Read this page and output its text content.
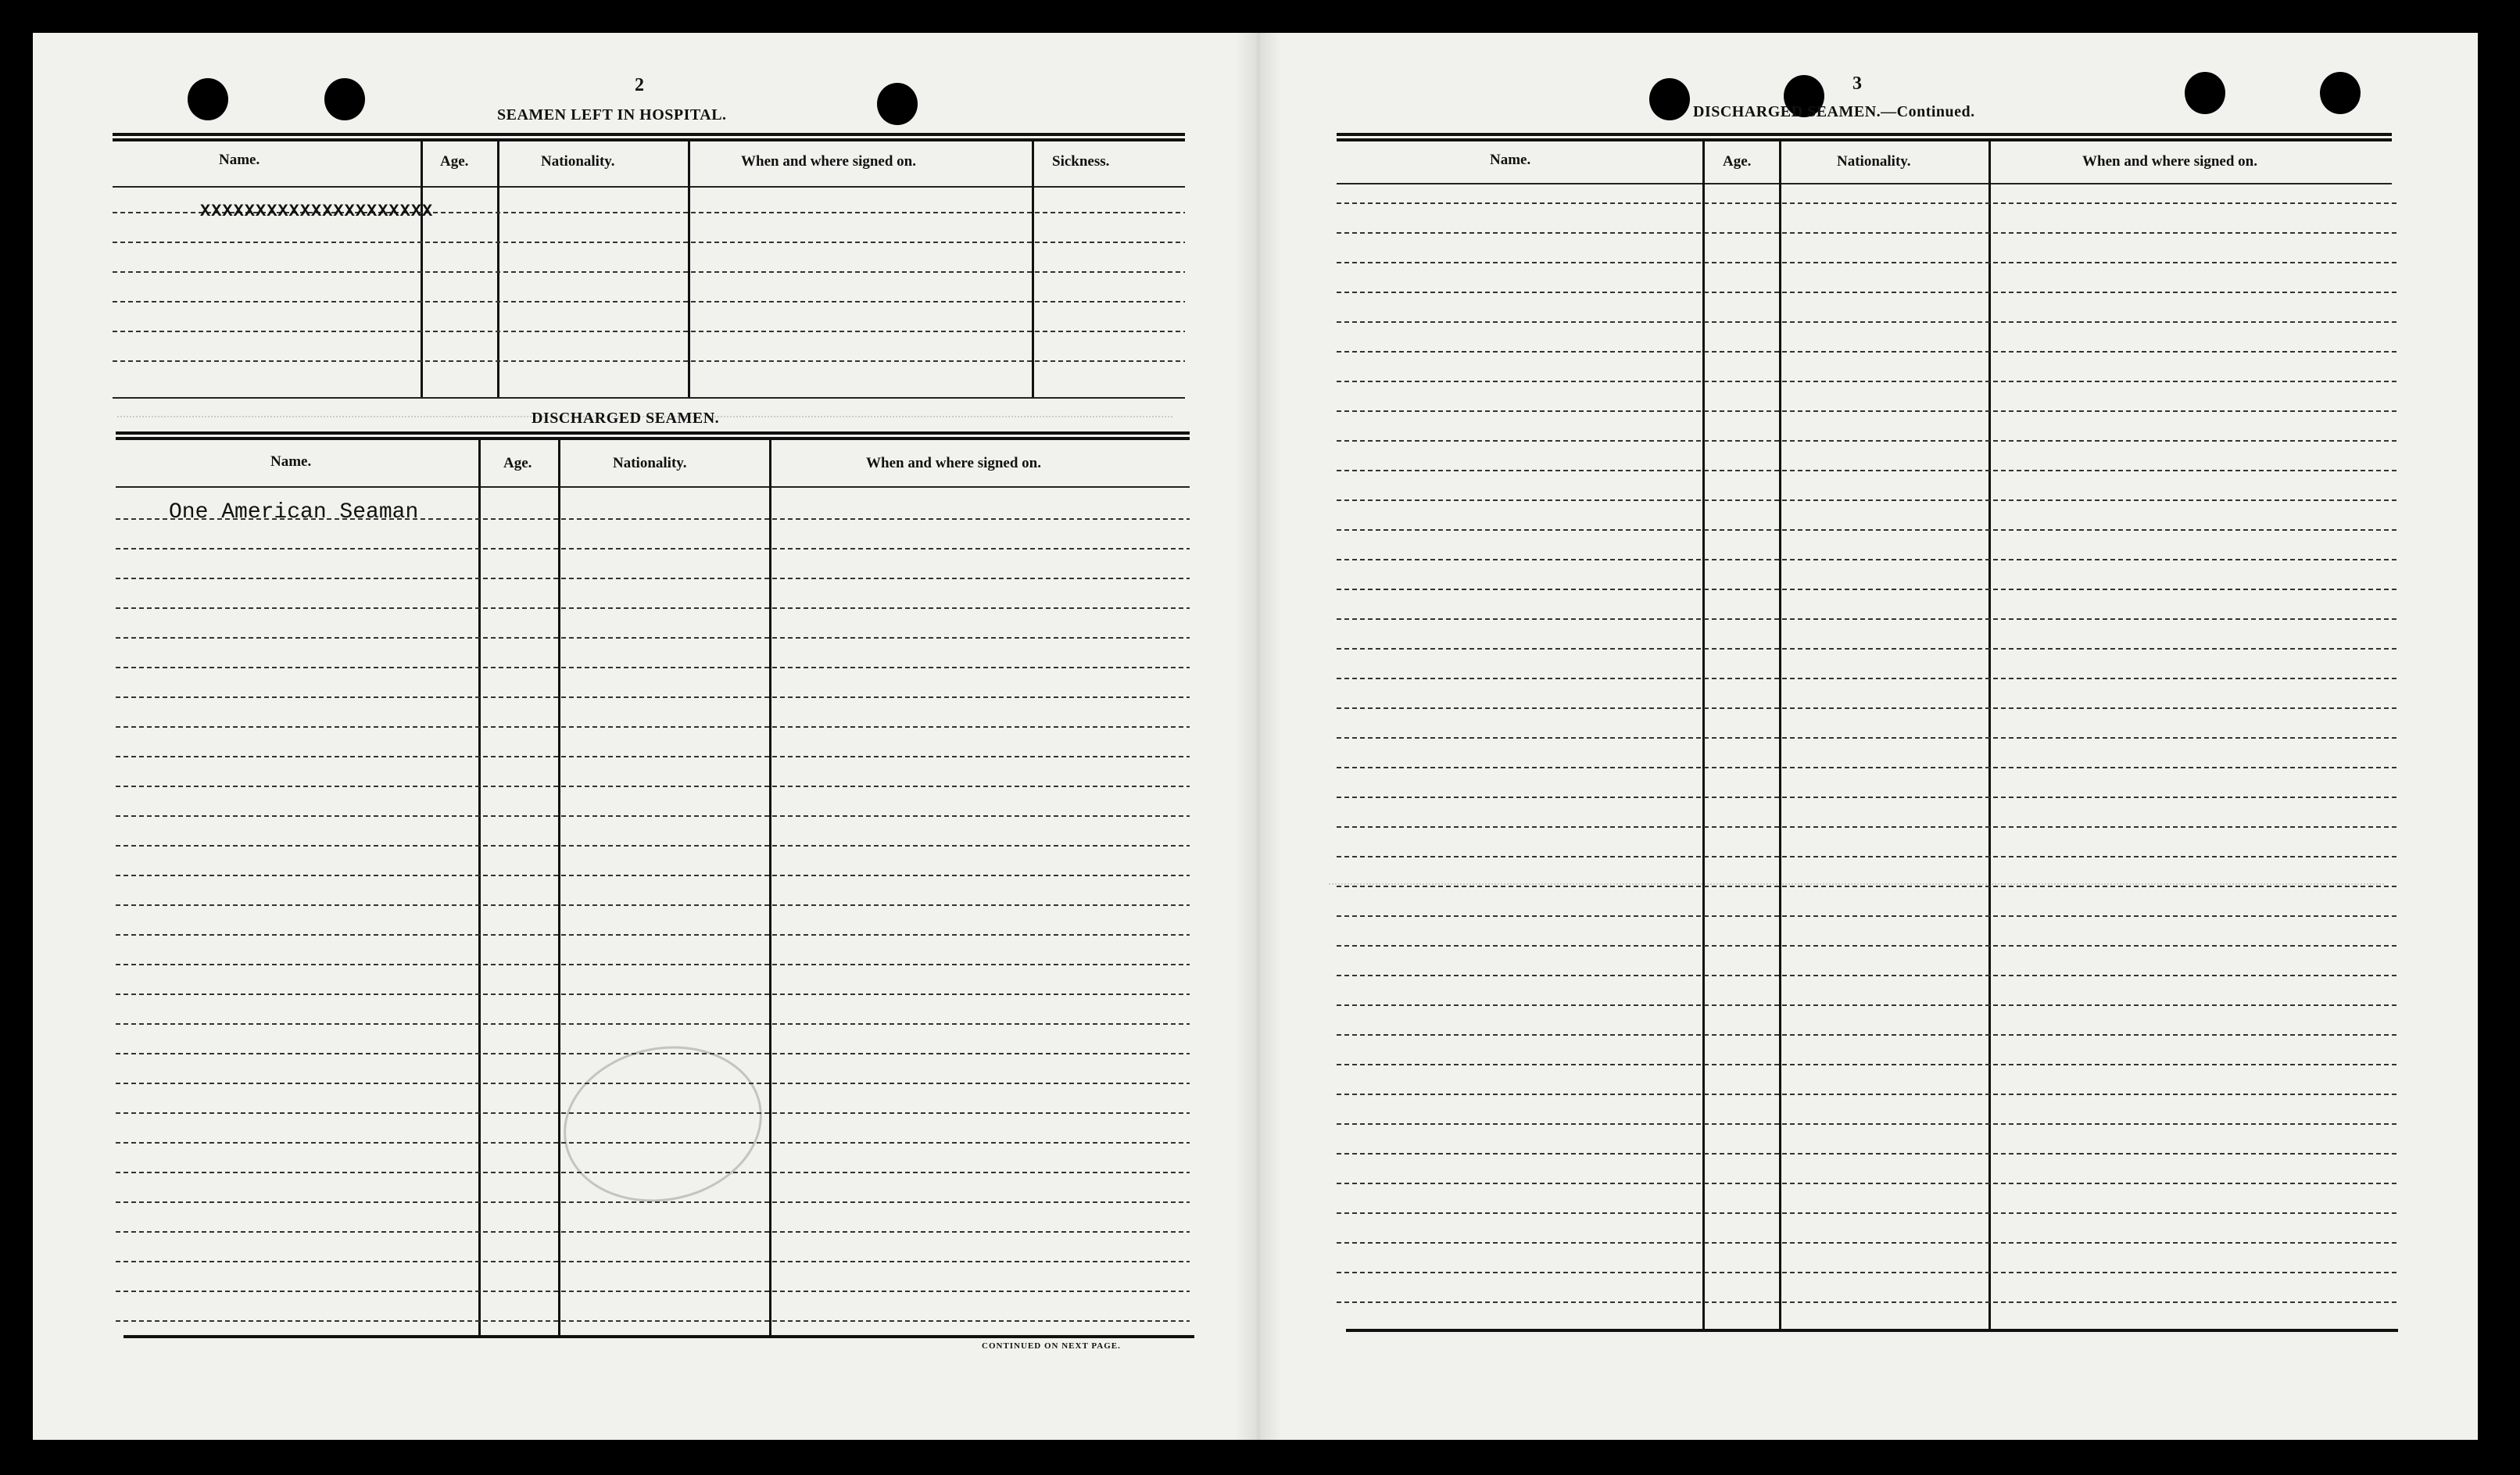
2
SEAMEN LEFT IN HOSPITAL.
Name.	Age.	Nationality.	When and where signed on.	Sickness.
XXXXXXXXXXXXXXXXXXXXX
DISCHARGED SEAMEN.
Name.	Age.	Nationality.	When and where signed on.
One American Seaman
CONTINUED ON NEXT PAGE.
3
DISCHARGED SEAMEN.—Continued.
Name.	Age.	Nationality.	When and where signed on.
